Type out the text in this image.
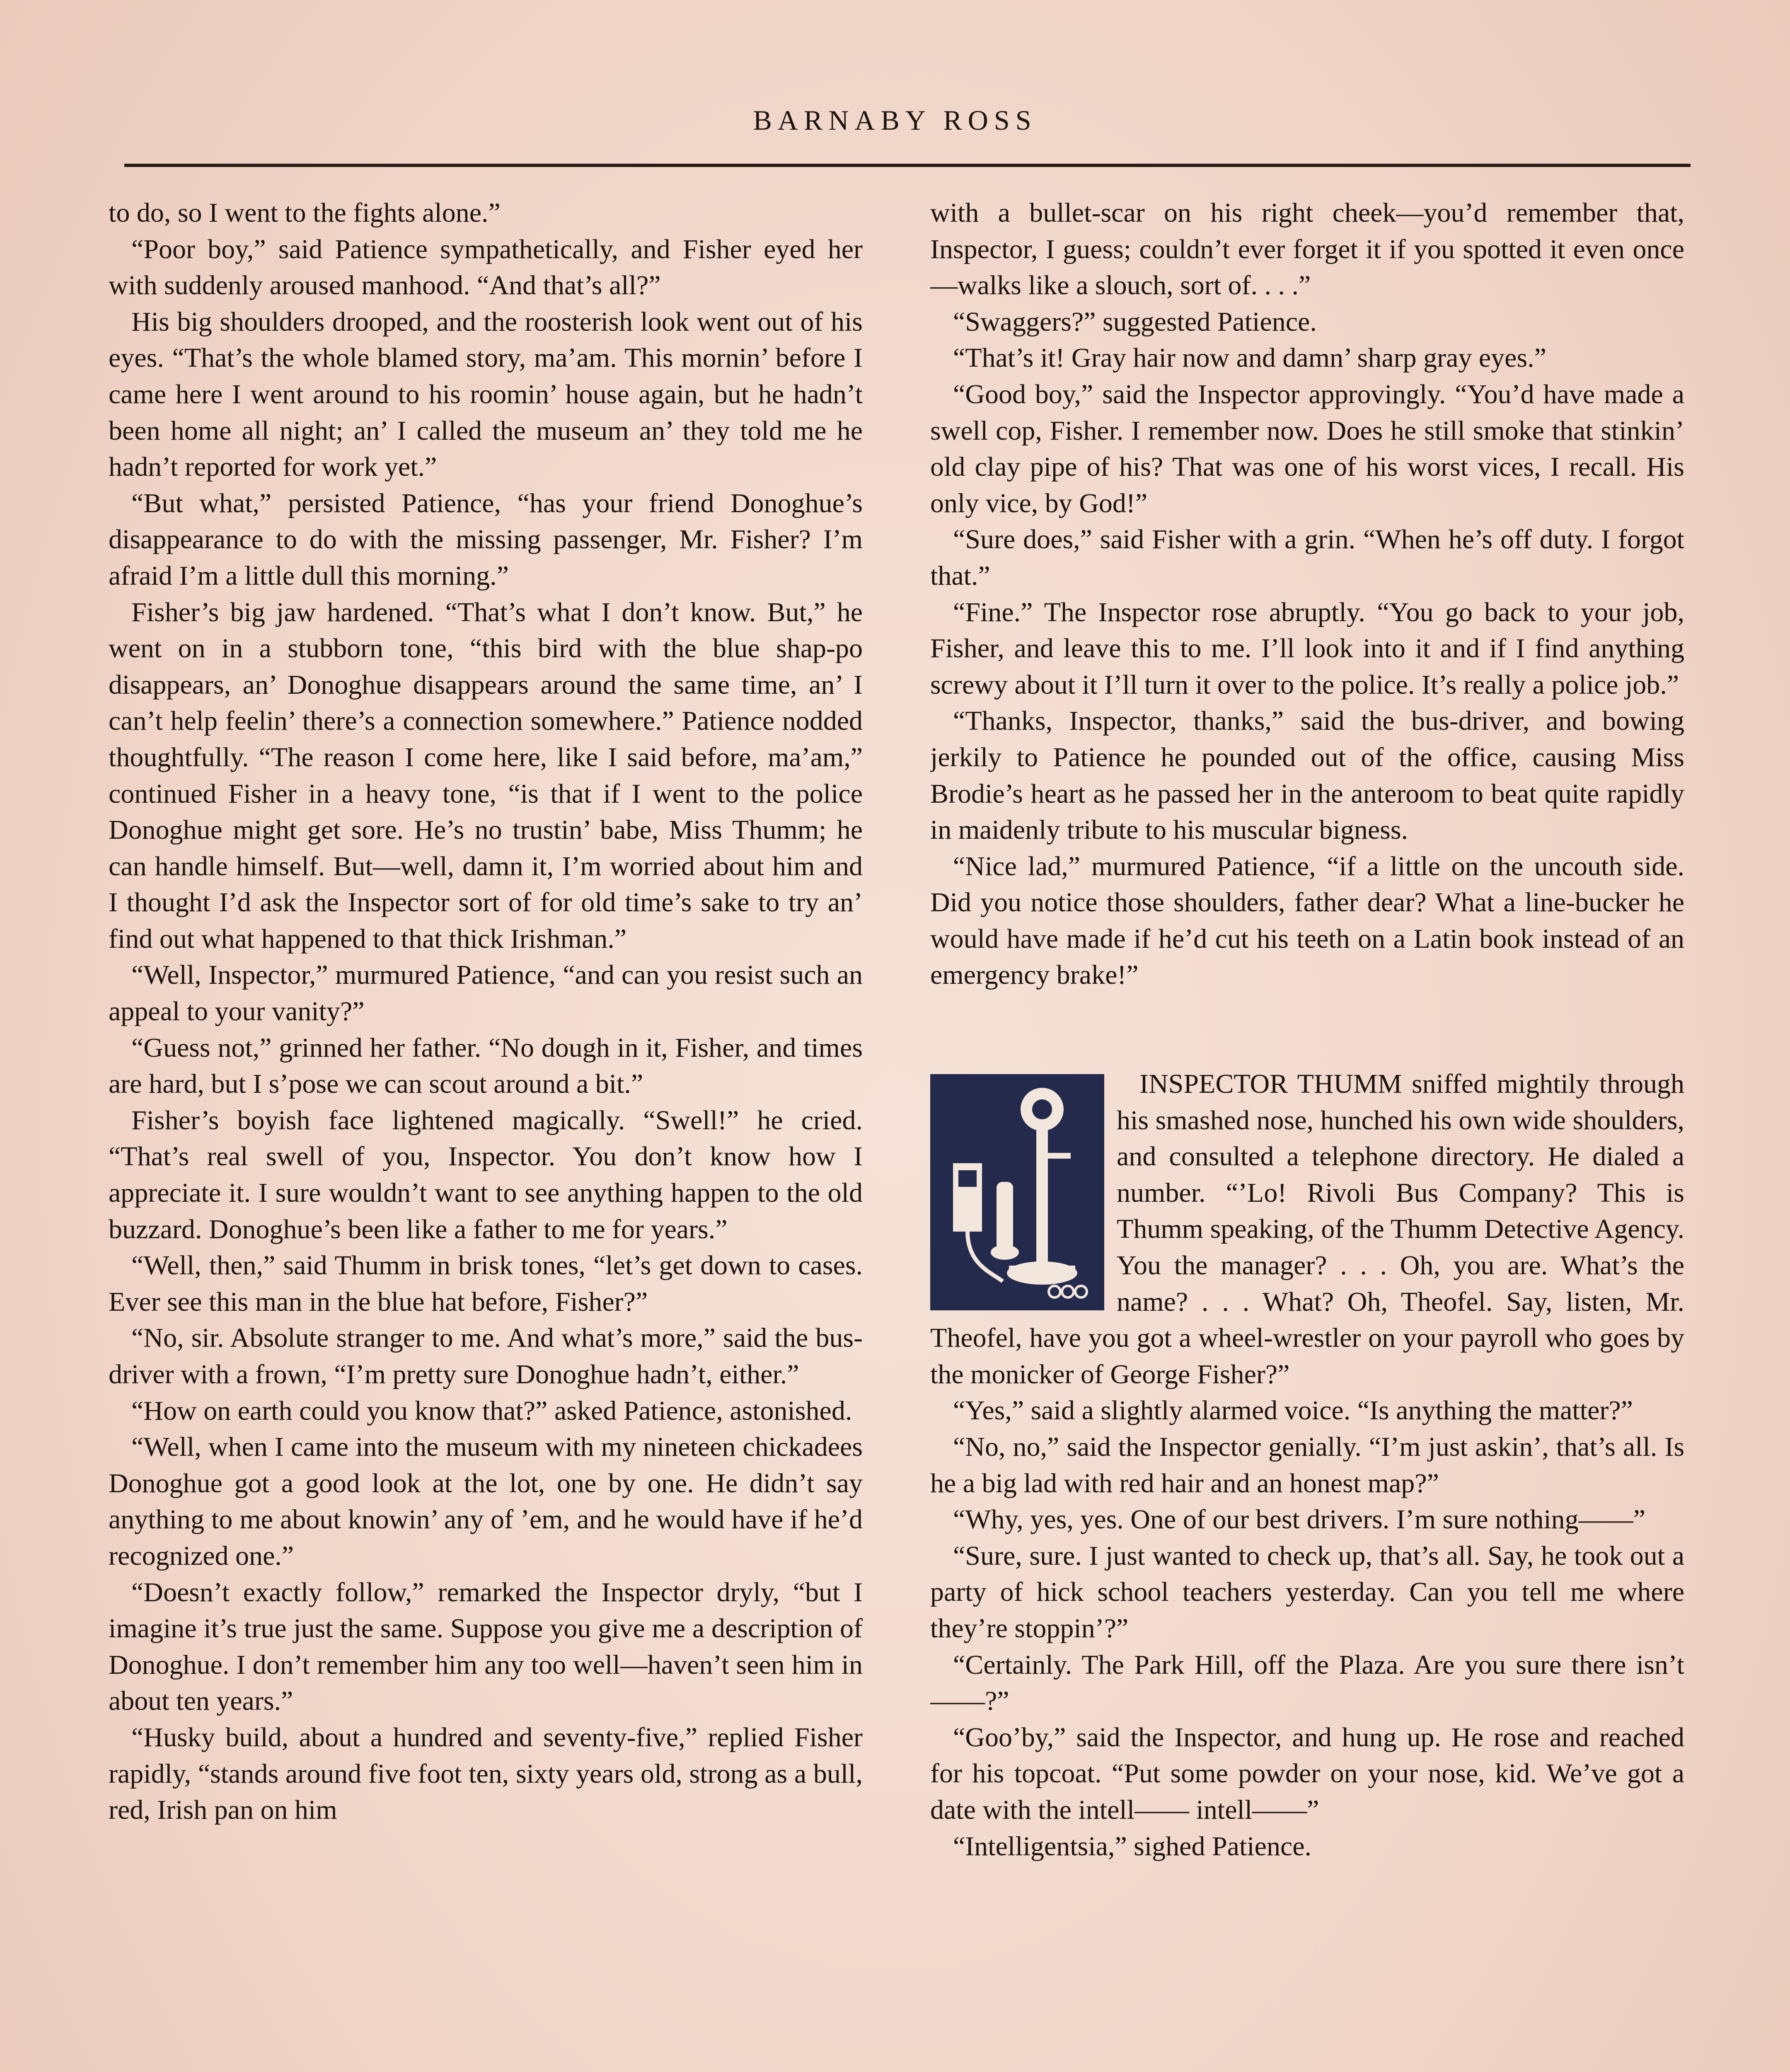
BARNABY ROSS

to do, so I went to the fights alone.”

“Poor boy,” said Patience sympathetically, and Fisher eyed her with suddenly aroused manhood. “And that’s all?”

His big shoulders drooped, and the roosterish look went out of his eyes. “That’s the whole blamed story, ma’am. This mornin’ before I came here I went around to his roomin’ house again, but he hadn’t been home all night; an’ I called the museum an’ they told me he hadn’t reported for work yet.”

“But what,” persisted Patience, “has your friend Donoghue’s disappearance to do with the missing passenger, Mr. Fisher? I’m afraid I’m a little dull this morning.”

Fisher’s big jaw hardened. “That’s what I don’t know. But,” he went on in a stubborn tone, “this bird with the blue shap-po disappears, an’ Donoghue disappears around the same time, an’ I can’t help feelin’ there’s a connection somewhere.” Patience nodded thoughtfully. “The reason I come here, like I said before, ma’am,” continued Fisher in a heavy tone, “is that if I went to the police Donoghue might get sore. He’s no trustin’ babe, Miss Thumm; he can handle himself. But—well, damn it, I’m worried about him and I thought I’d ask the Inspector sort of for old time’s sake to try an’ find out what happened to that thick Irishman.”

“Well, Inspector,” murmured Patience, “and can you resist such an appeal to your vanity?”

“Guess not,” grinned her father. “No dough in it, Fisher, and times are hard, but I s’pose we can scout around a bit.”

Fisher’s boyish face lightened magically. “Swell!” he cried. “That’s real swell of you, Inspector. You don’t know how I appreciate it. I sure wouldn’t want to see anything happen to the old buzzard. Donoghue’s been like a father to me for years.”

“Well, then,” said Thumm in brisk tones, “let’s get down to cases. Ever see this man in the blue hat before, Fisher?”

“No, sir. Absolute stranger to me. And what’s more,” said the bus-driver with a frown, “I’m pretty sure Donoghue hadn’t, either.”

“How on earth could you know that?” asked Patience, astonished.

“Well, when I came into the museum with my nineteen chickadees Donoghue got a good look at the lot, one by one. He didn’t say anything to me about knowin’ any of ’em, and he would have if he’d recognized one.”

“Doesn’t exactly follow,” remarked the Inspector dryly, “but I imagine it’s true just the same. Suppose you give me a description of Donoghue. I don’t remember him any too well—haven’t seen him in about ten years.”

“Husky build, about a hundred and seventy-five,” replied Fisher rapidly, “stands around five foot ten, sixty years old, strong as a bull, red, Irish pan on him

with a bullet-scar on his right cheek—you’d remember that, Inspector, I guess; couldn’t ever forget it if you spotted it even once—walks like a slouch, sort of. . . .”

“Swaggers?” suggested Patience.

“That’s it! Gray hair now and damn’ sharp gray eyes.”

“Good boy,” said the Inspector approvingly. “You’d have made a swell cop, Fisher. I remember now. Does he still smoke that stinkin’ old clay pipe of his? That was one of his worst vices, I recall. His only vice, by God!”

“Sure does,” said Fisher with a grin. “When he’s off duty. I forgot that.”

“Fine.” The Inspector rose abruptly. “You go back to your job, Fisher, and leave this to me. I’ll look into it and if I find anything screwy about it I’ll turn it over to the police. It’s really a police job.”

“Thanks, Inspector, thanks,” said the bus-driver, and bowing jerkily to Patience he pounded out of the office, causing Miss Brodie’s heart as he passed her in the anteroom to beat quite rapidly in maidenly tribute to his muscular bigness.

“Nice lad,” murmured Patience, “if a little on the uncouth side. Did you notice those shoulders, father dear? What a line-bucker he would have made if he’d cut his teeth on a Latin book instead of an emergency brake!”

INSPECTOR THUMM sniffed mightily through his smashed nose, hunched his own wide shoulders, and consulted a telephone directory. He dialed a number. “’Lo! Rivoli Bus Company? This is Thumm speaking, of the Thumm Detective Agency. You the manager? . . . Oh, you are. What’s the name? . . . What? Oh, Theofel. Say, listen, Mr. Theofel, have you got a wheel-wrestler on your payroll who goes by the monicker of George Fisher?”

“Yes,” said a slightly alarmed voice. “Is anything the matter?”

“No, no,” said the Inspector genially. “I’m just askin’, that’s all. Is he a big lad with red hair and an honest map?”

“Why, yes, yes. One of our best drivers. I’m sure nothing——”

“Sure, sure. I just wanted to check up, that’s all. Say, he took out a party of hick school teachers yesterday. Can you tell me where they’re stoppin’?”

“Certainly. The Park Hill, off the Plaza. Are you sure there isn’t——?”

“Goo’by,” said the Inspector, and hung up. He rose and reached for his topcoat. “Put some powder on your nose, kid. We’ve got a date with the intell—— intell——”

“Intelligentsia,” sighed Patience.
